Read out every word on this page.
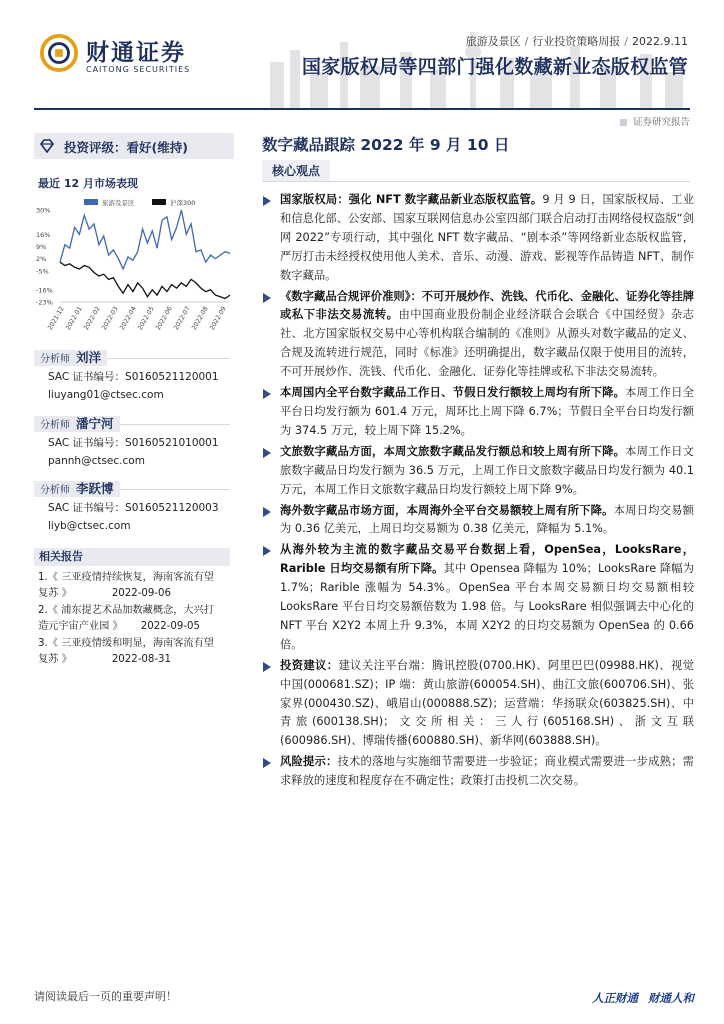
财通证券
CAITONG SECURITIES
旅游及景区 / 行业投资策略周报 / 2022.9.11
国家版权局等四部门强化数藏新业态版权监管
证券研究报告
投资评级：看好(维持)
最近 12 月市场表现
旅游及景区	沪深300
30%
16%
9%
2%
-5%
-16%
-23%
2021-12 2022-01 2022-02 2022-03 2022-04 2022-05 2022-06 2022-07 2022-08 2022-09
分析师 刘洋
SAC 证书编号：S0160521120001
liuyang01@ctsec.com
分析师 潘宁河
SAC 证书编号：S0160521010001
pannh@ctsec.com
分析师 李跃博
SAC 证书编号：S0160521120003
liyb@ctsec.com
相关报告
1.《 三亚疫情持续恢复，海南客流有望
复苏 》	2022-09-06
2.《 浦东提艺术品加数藏概念，大兴打
造元宇宙产业园 》 2022-09-05
3.《 三亚疫情缓和明显，海南客流有望
复苏 》	2022-08-31
数字藏品跟踪 2022 年 9 月 10 日
核心观点
国家版权局：强化 NFT 数字藏品新业态版权监管。9 月 9 日，国家版权局、工业和信息化部、公安部、国家互联网信息办公室四部门联合启动打击网络侵权盗版“剑网 2022”专项行动，其中强化 NFT 数字藏品、“剧本杀”等网络新业态版权监管，严厉打击未经授权使用他人美术、音乐、动漫、游戏、影视等作品铸造 NFT、制作数字藏品。
《数字藏品合规评价准则》：不可开展炒作、洗钱、代币化、金融化、证券化等挂牌或私下非法交易流转。由中国商业股份制企业经济联合会联合《中国经贸》杂志社、北方国家版权交易中心等机构联合编制的《准则》从源头对数字藏品的定义、合规及流转进行规范，同时《标准》还明确提出，数字藏品仅限于使用目的流转，不可开展炒作、洗钱、代币化、金融化、证券化等挂牌或私下非法交易流转。
本周国内全平台数字藏品工作日、节假日发行额较上周均有所下降。本周工作日全平台日均发行额为 601.4 万元，周环比上周下降 6.7%；节假日全平台日均发行额为 374.5 万元，较上周下降 15.2%。
文旅数字藏品方面，本周文旅数字藏品发行额总和较上周有所下降。本周工作日文旅数字藏品日均发行额为 36.5 万元，上周工作日文旅数字藏品日均发行额为 40.1 万元，本周工作日文旅数字藏品日均发行额较上周下降 9%。
海外数字藏品市场方面，本周海外全平台交易额较上周有所下降。本周日均交易额为 0.36 亿美元，上周日均交易额为 0.38 亿美元，降幅为 5.1%。
从海外较为主流的数字藏品交易平台数据上看，OpenSea，LooksRare，Rarible 日均交易额有所下降。其中 Opensea 降幅为 10%；LooksRare 降幅为 1.7%；Rarible 涨幅为 54.3%。OpenSea 平台本周交易额日均交易额相较 LooksRare 平台日均交易额倍数为 1.98 倍。与 LooksRare 相似强调去中心化的 NFT 平台 X2Y2 本周上升 9.3%，本周 X2Y2 的日均交易额为 OpenSea 的 0.66 倍。
投资建议：建议关注平台端：腾讯控股(0700.HK)、阿里巴巴(09988.HK)、视觉中国(000681.SZ)；IP 端：黄山旅游(600054.SH)、曲江文旅(600706.SH)、张家界(000430.SZ)、峨眉山(000888.SZ)；运营端：华扬联众(603825.SH)、中青旅(600138.SH)；文交所相关：三人行(605168.SH)、浙文互联(600986.SH)、博瑞传播(600880.SH)、新华网(603888.SH)。
风险提示：技术的落地与实施细节需要进一步验证；商业模式需要进一步成熟；需求释放的速度和程度存在不确定性；政策打击投机二次交易。
请阅读最后一页的重要声明！	人正财通 财通人和
